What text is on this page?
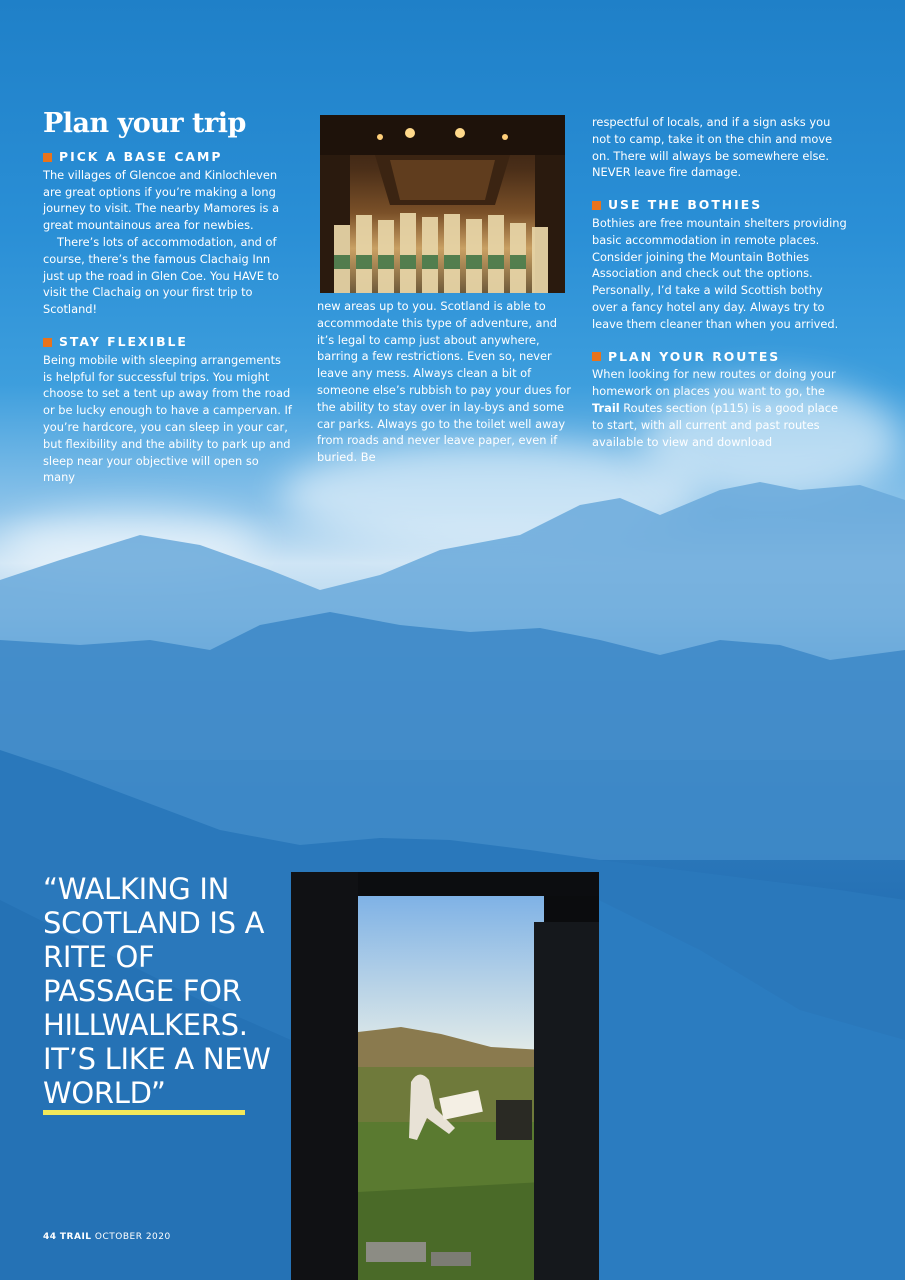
Plan your trip
PICK A BASE CAMP

The villages of Glencoe and Kinlochleven are great options if you’re making a long journey to visit. The nearby Mamores is a great mountainous area for newbies.

There’s lots of accommodation, and of course, there’s the famous Clachaig Inn just up the road in Glen Coe. You HAVE to visit the Clachaig on your first trip to Scotland!

STAY FLEXIBLE

Being mobile with sleeping arrangements is helpful for successful trips. You might choose to set a tent up away from the road or be lucky enough to have a campervan. If you’re hardcore, you can sleep in your car, but flexibility and the ability to park up and sleep near your objective will open so many

new areas up to you. Scotland is able to accommodate this type of adventure, and it’s legal to camp just about anywhere, barring a few restrictions. Even so, never leave any mess. Always clean a bit of someone else’s rubbish to pay your dues for the ability to stay over in lay-bys and some car parks. Always go to the toilet well away from roads and never leave paper, even if buried. Be

respectful of locals, and if a sign asks you not to camp, take it on the chin and move on. There will always be somewhere else. NEVER leave fire damage.

USE THE BOTHIES

Bothies are free mountain shelters providing basic accommodation in remote places. Consider joining the Mountain Bothies Association and check out the options. Personally, I’d take a wild Scottish bothy over a fancy hotel any day. Always try to leave them cleaner than when you arrived.

PLAN YOUR ROUTES

When looking for new routes or doing your homework on places you want to go, the Trail Routes section (p115) is a good place to start, with all current and past routes available to view and download

“WALKING IN SCOTLAND IS A RITE OF PASSAGE FOR HILLWALKERS. IT’S LIKE A NEW WORLD”
44 TRAIL OCTOBER 2020
